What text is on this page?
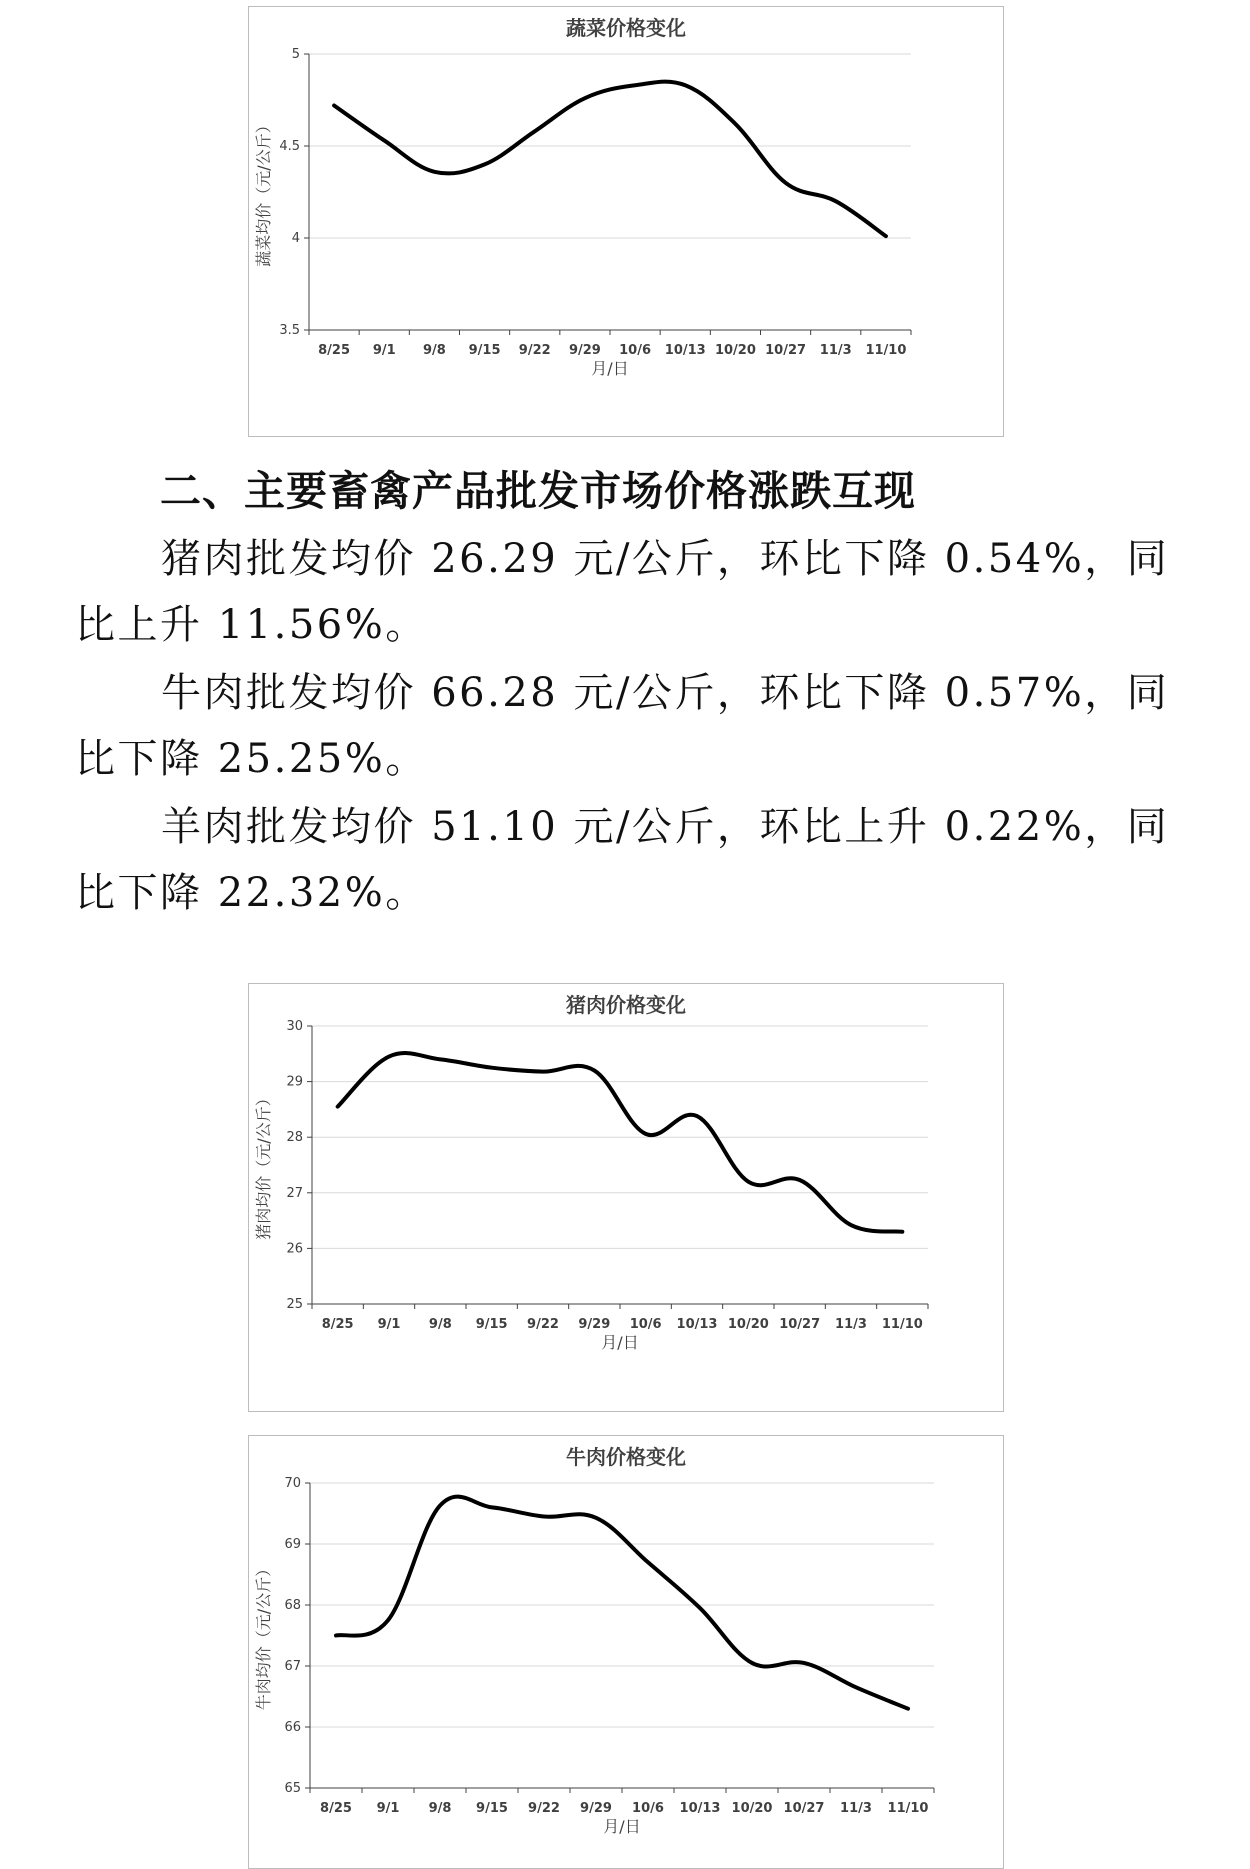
蔬菜价格变化
3.5
4
4.5
5
8/25 9/1 9/8 9/15 9/22 9/29 10/6 10/13 10/20 10/27 11/3 11/10
月/日
蔬菜均价（元/公斤）
二、主要畜禽产品批发市场价格涨跌互现

猪肉批发均价 26.29 元/公斤，环比下降 0.54%，同比上升 11.56%。

牛肉批发均价 66.28 元/公斤，环比下降 0.57%，同比下降 25.25%。

羊肉批发均价 51.10 元/公斤，环比上升 0.22%，同比下降 22.32%。

猪肉价格变化
25
26
27
28
29
30
8/25 9/1 9/8 9/15 9/22 9/29 10/6 10/13 10/20 10/27 11/3 11/10
月/日
猪肉均价（元/公斤）
牛肉价格变化
65
66
67
68
69
70
8/25 9/1 9/8 9/15 9/22 9/29 10/6 10/13 10/20 10/27 11/3 11/10
月/日
牛肉均价（元/公斤）
